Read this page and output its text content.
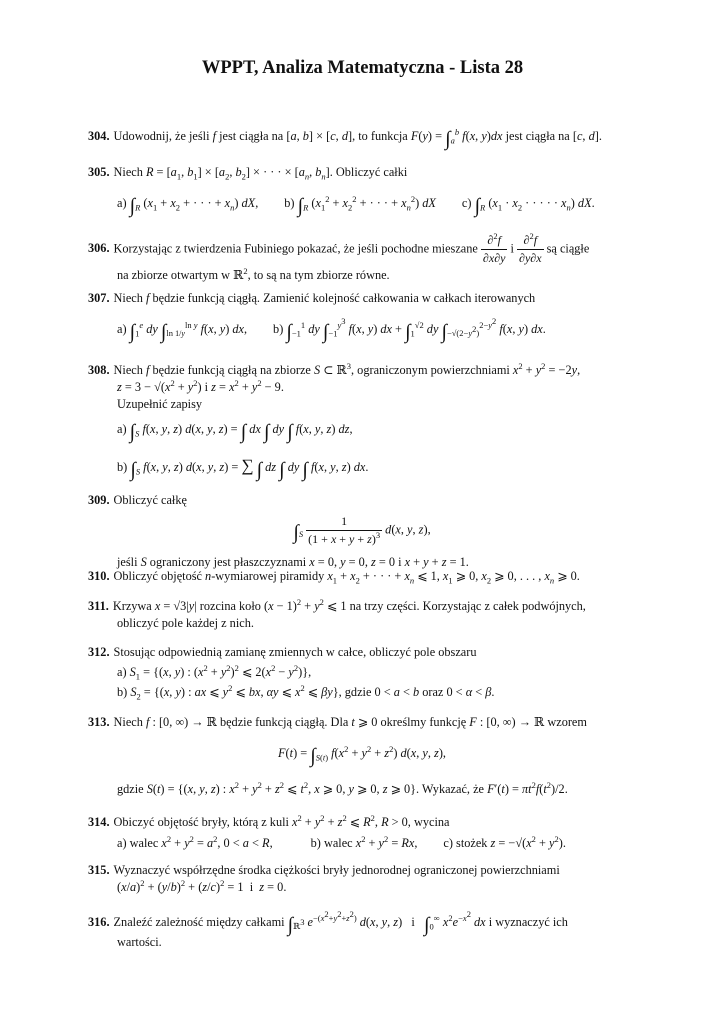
WPPT, Analiza Matematyczna - Lista 28
304. Udowodnij, że jeśli f jest ciągła na [a, b] × [c, d], to funkcja $F(y) = \int_a^b$ f(x, y)dx jest ciągła na [c, d].
305. Niech $R = [a_1$, $b_1] \times [a_2$, $b_2$] × · · · × [$a_n$, $b_n$]. Obliczyć całki
a) $\int_R$ ($x_1 + x_2$ + · · · + $x_n$) dX, b) $\int_R$ ($x_1^2 + x_2^2$ + · · · + $x_n^2$) dX c) $\int_R$ ($x_1 \cdot x_2$ · · · · · $x_n$) dX.
306. Korzystając z twierdzenia Fubiniego pokazać, że jeśli pochodne mieszane $\frac{\partial^2f}{\partial x\partial y}$ i $\frac{\partial^2f}{\partial y\partial x}$ są ciągłe
na zbiorze otwartym w ℝ$^2$, to są na tym zbiorze równe.
307. Niech f będzie funkcją ciągłą. Zamienić kolejność całkowania w całkach iterowanych
a) $\int_1^e$ dy $\int_{ln 1/y}^{ln y}$ f(x, y) dx, b) $\int_{-1}^1$ dy $\int_{-1}^{y^3}$ f(x, y) dx + $\int_1^{√2}$ dy $\int_{-√(2-y^2)}^{2-y^2}$ f(x, y) dx.
308. Niech f będzie funkcją ciągłą na zbiorze S ⊂ ℝ$^3$, ograniczonym powierzchniami $x^2 + y^2 = -2y$,
$z = 3 - √(x^2 + y^2)$ i $z = x^2 + y^2 - 9$.
Uzupełnić zapisy
a) $\int_S$ f(x, y, z) d(x, y, z) = ∫ dx ∫ dy ∫ f(x, y, z) dz,
b) $\int_S$ f(x, y, z) d(x, y, z) = ∑ ∫ dz ∫ dy ∫ f(x, y, z) dx.
309. Obliczyć całkę
$\int_S \frac{1}{(1 + x + y + z)^3} d(x$, y, z),
jeśli S ograniczony jest płaszczyznami x = 0, y = 0, z = 0 i x + y + z = 1.
310. Obliczyć objętość n-wymiarowej piramidy $x_1 + x_2$ + · · · + $x_n$ ⩽ 1, $x_1$ ⩾ 0, $x_2$ ⩾ 0, . . . , $x_n$ ⩾ 0.
311. Krzywa x = √3|y| rozcina koło $(x - 1)^2 + y^2$ ⩽ 1 na trzy części. Korzystając z całek podwójnych,
obliczyć pole każdej z nich.
312. Stosując odpowiednią zamianę zmiennych w całce, obliczyć pole obszaru
a) $S_1 = \{(x$, y) : $(x^2 + y^2)^2$ ⩽ $2(x^2 - y^2)$},
b) $S_2 = \{(x$, y) : ax ⩽ $y^2$ ⩽ bx, αy ⩽ $x^2$ ⩽ βy}, gdzie 0 < a < b oraz 0 < α < β.
313. Niech f : [0, ∞) → ℝ będzie funkcją ciągłą. Dla t ⩾ 0 określmy funkcję F : [0, ∞) → ℝ wzorem
$F(t) = \int_{S(t)}$ $f(x^2 + y^2 + z^2)$ d(x, y, z),
gdzie S(t) = {(x, y, z) : $x^2 + y^2 + z^2$ ⩽ $t^2$, x ⩾ 0, y ⩾ 0, z ⩾ 0}. Wykazać, że $F'(t) = \pi t^2f(t^2)/2$.
314. Obiczyć objętość bryły, którą z kuli $x^2 + y^2 + z^2$ ⩽ $R^2$, R > 0, wycina
a) walec $x^2 + y^2 = a^2$, 0 < a < R,	b) walec $x^2 + y^2 = Rx$, c) stożek $z = -√(x^2 + y^2)$.
315. Wyznaczyć współrzędne środka ciężkości bryły jednorodnej ograniczonej powierzchniami
$(x/a)^2 + (y/b)^2 + (z/c)^2 = 1$  i  z = 0.
316. Znaleźć zależność między całkami $\int_{ℝ^3}$ $e^{-(x^2+y^2+z^2)}$ d(x, y, z)   i   $\int_0^\infty$ $x^2e^{-x^2}$ dx i wyznaczyć ich
wartości.
